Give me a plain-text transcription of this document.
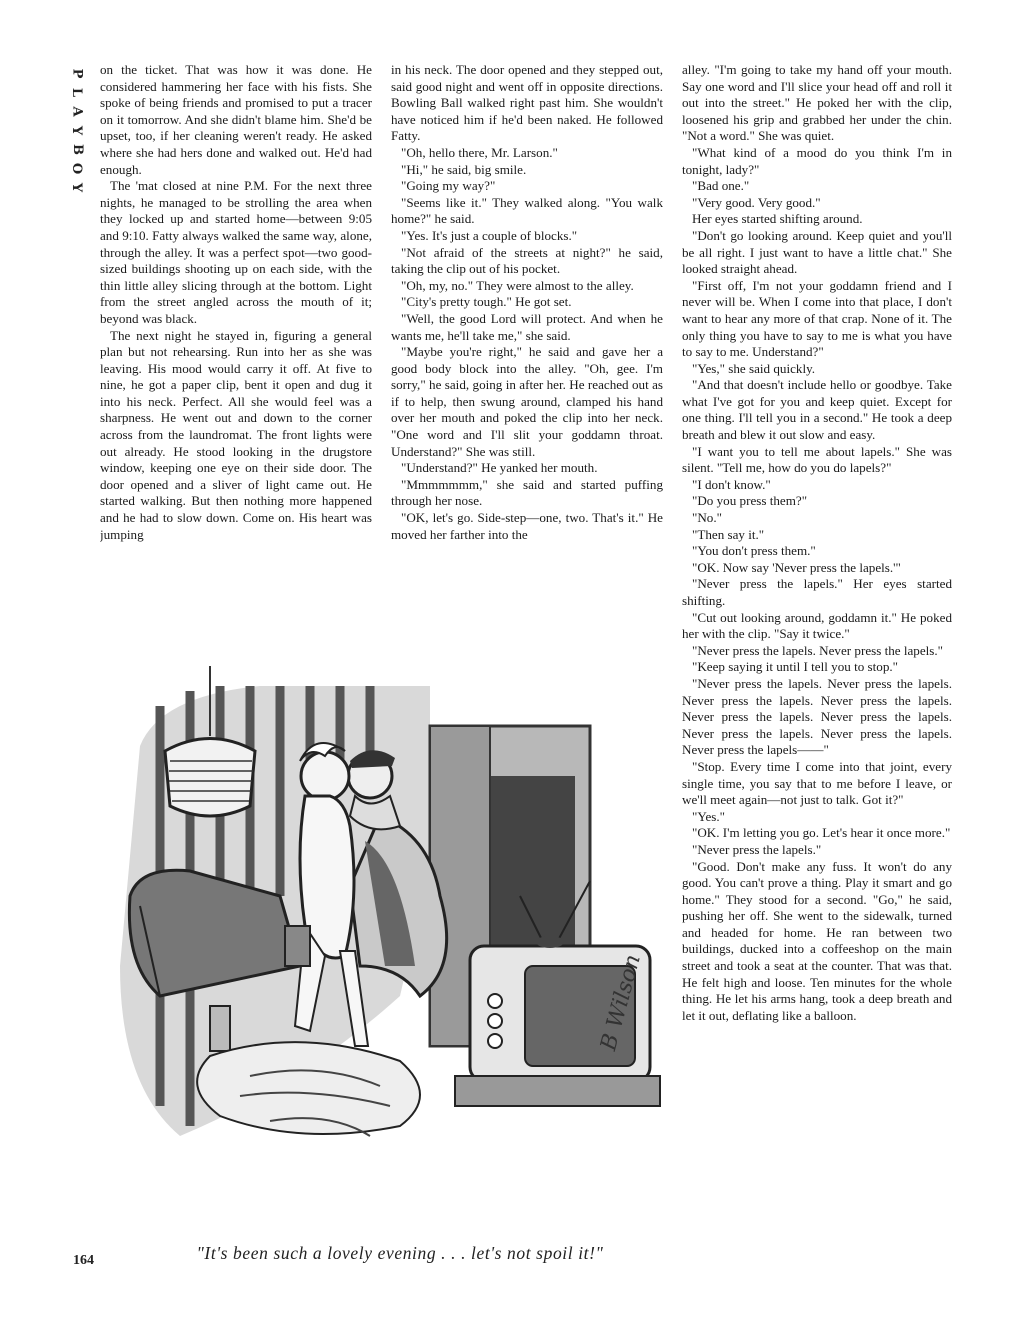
P
L
A
Y
B
O
Y

on the ticket. That was how it was done. He considered hammering her face with his fists. She spoke of being friends and promised to put a tracer on it tomorrow. And she didn't blame him. She'd be upset, too, if her cleaning weren't ready. He asked where she had hers done and walked out. He'd had enough.

The 'mat closed at nine P.M. For the next three nights, he managed to be strolling the area when they locked up and started home—between 9:05 and 9:10. Fatty always walked the same way, alone, through the alley. It was a perfect spot—two good-sized buildings shooting up on each side, with the thin little alley slicing through at the bottom. Light from the street angled across the mouth of it; beyond was black.

The next night he stayed in, figuring a general plan but not rehearsing. Run into her as she was leaving. His mood would carry it off. At five to nine, he got a paper clip, bent it open and dug it into his neck. Perfect. All she would feel was a sharpness. He went out and down to the corner across from the laundromat. The front lights were out already. He stood looking in the drugstore window, keeping one eye on their side door. The door opened and a sliver of light came out. He started walking. But then nothing more happened and he had to slow down. Come on. His heart was jumping

in his neck. The door opened and they stepped out, said good night and went off in opposite directions. Bowling Ball walked right past him. She wouldn't have noticed him if he'd been naked. He followed Fatty.

"Oh, hello there, Mr. Larson."

"Hi," he said, big smile.

"Going my way?"

"Seems like it." They walked along. "You walk home?" he said.

"Yes. It's just a couple of blocks."

"Not afraid of the streets at night?" he said, taking the clip out of his pocket.

"Oh, my, no." They were almost to the alley.

"City's pretty tough." He got set.

"Well, the good Lord will protect. And when he wants me, he'll take me," she said.

"Maybe you're right," he said and gave her a good body block into the alley. "Oh, gee. I'm sorry," he said, going in after her. He reached out as if to help, then swung around, clamped his hand over her mouth and poked the clip into her neck. "One word and I'll slit your goddamn throat. Understand?" She was still.

"Understand?" He yanked her mouth.

"Mmmmmmm," she said and started puffing through her nose.

"OK, let's go. Side-step—one, two. That's it." He moved her farther into the

alley. "I'm going to take my hand off your mouth. Say one word and I'll slice your head off and roll it out into the street." He poked her with the clip, loosened his grip and grabbed her under the chin. "Not a word." She was quiet.

"What kind of a mood do you think I'm in tonight, lady?"

"Bad one."

"Very good. Very good."

Her eyes started shifting around.

"Don't go looking around. Keep quiet and you'll be all right. I just want to have a little chat." She looked straight ahead.

"First off, I'm not your goddamn friend and I never will be. When I come into that place, I don't want to hear any more of that crap. None of it. The only thing you have to say to me is what you have to say to me. Understand?"

"Yes," she said quickly.

"And that doesn't include hello or goodbye. Take what I've got for you and keep quiet. Except for one thing. I'll tell you in a second." He took a deep breath and blew it out slow and easy.

"I want you to tell me about lapels." She was silent. "Tell me, how do you do lapels?"

"I don't know."

"Do you press them?"

"No."

"Then say it."

"You don't press them."

"OK. Now say 'Never press the lapels.'"

"Never press the lapels." Her eyes started shifting.

"Cut out looking around, goddamn it." He poked her with the clip. "Say it twice."

"Never press the lapels. Never press the lapels."

"Keep saying it until I tell you to stop."

"Never press the lapels. Never press the lapels. Never press the lapels. Never press the lapels. Never press the lapels. Never press the lapels. Never press the lapels. Never press the lapels. Never press the lapels——"

"Stop. Every time I come into that joint, every single time, you say that to me before I leave, or we'll meet again—not just to talk. Got it?"

"Yes."

"OK. I'm letting you go. Let's hear it once more."

"Never press the lapels."

"Good. Don't make any fuss. It won't do any good. You can't prove a thing. Play it smart and go home." They stood for a second. "Go," he said, pushing her off. She went to the sidewalk, turned and headed for home. He ran between two buildings, ducked into a coffeeshop on the main street and took a seat at the counter. That was that. He felt high and loose. Ten minutes for the whole thing. He let his arms hang, took a deep breath and let it out, deflating like a balloon.

B Wilson
"It's been such a lovely evening . . . let's not spoil it!"
164
